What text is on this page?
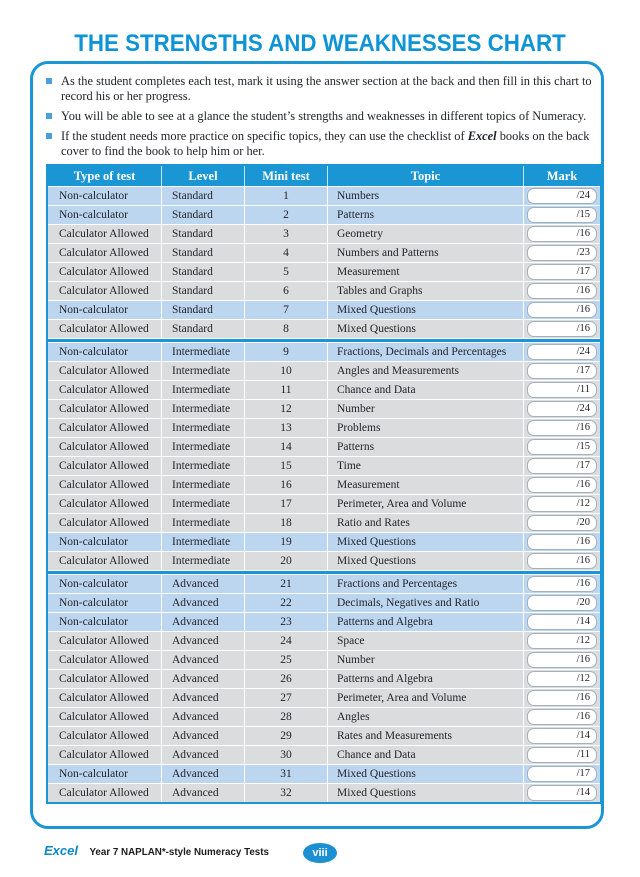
THE STRENGTHS AND WEAKNESSES CHART
As the student completes each test, mark it using the answer section at the back and then fill in this chart to record his or her progress.
You will be able to see at a glance the student’s strengths and weaknesses in different topics of Numeracy.
If the student needs more practice on specific topics, they can use the checklist of Excel books on the back cover to find the book to help him or her.
Type of test	Level	Mini test	Topic	Mark
Non-calculator	Standard	1	Numbers	/24
Non-calculator	Standard	2	Patterns	/15
Calculator Allowed	Standard	3	Geometry	/16
Calculator Allowed	Standard	4	Numbers and Patterns	/23
Calculator Allowed	Standard	5	Measurement	/17
Calculator Allowed	Standard	6	Tables and Graphs	/16
Non-calculator	Standard	7	Mixed Questions	/16
Calculator Allowed	Standard	8	Mixed Questions	/16
Non-calculator	Intermediate	9	Fractions, Decimals and Percentages	/24
Calculator Allowed	Intermediate	10	Angles and Measurements	/17
Calculator Allowed	Intermediate	11	Chance and Data	/11
Calculator Allowed	Intermediate	12	Number	/24
Calculator Allowed	Intermediate	13	Problems	/16
Calculator Allowed	Intermediate	14	Patterns	/15
Calculator Allowed	Intermediate	15	Time	/17
Calculator Allowed	Intermediate	16	Measurement	/16
Calculator Allowed	Intermediate	17	Perimeter, Area and Volume	/12
Calculator Allowed	Intermediate	18	Ratio and Rates	/20
Non-calculator	Intermediate	19	Mixed Questions	/16
Calculator Allowed	Intermediate	20	Mixed Questions	/16
Non-calculator	Advanced	21	Fractions and Percentages	/16
Non-calculator	Advanced	22	Decimals, Negatives and Ratio	/20
Non-calculator	Advanced	23	Patterns and Algebra	/14
Calculator Allowed	Advanced	24	Space	/12
Calculator Allowed	Advanced	25	Number	/16
Calculator Allowed	Advanced	26	Patterns and Algebra	/12
Calculator Allowed	Advanced	27	Perimeter, Area and Volume	/16
Calculator Allowed	Advanced	28	Angles	/16
Calculator Allowed	Advanced	29	Rates and Measurements	/14
Calculator Allowed	Advanced	30	Chance and Data	/11
Non-calculator	Advanced	31	Mixed Questions	/17
Calculator Allowed	Advanced	32	Mixed Questions	/14
Excel Year 7 NAPLAN*-style Numeracy Tests	viii
